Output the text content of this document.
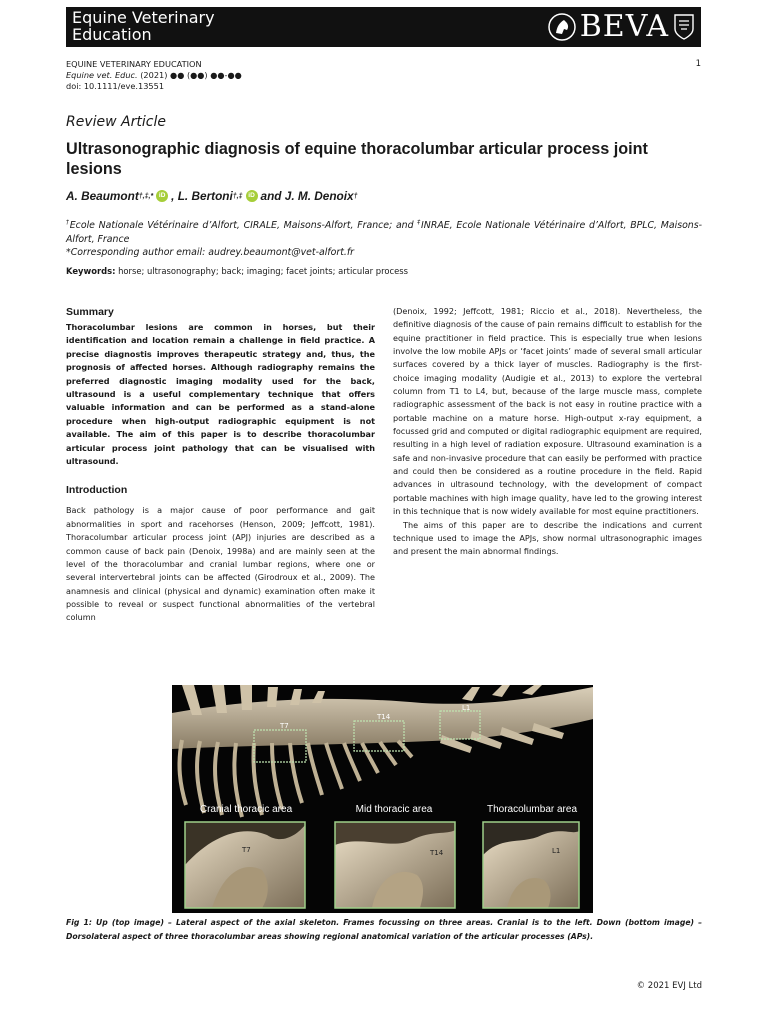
Equine Veterinary
Education	BEVA
EQUINE VETERINARY EDUCATION
Equine vet. Educ. (2021) ●● (●●) ●●-●●
doi: 10.1111/eve.13551
1
Review Article
Ultrasonographic diagnosis of equine thoracolumbar articular process joint lesions
A. Beaumont †,‡,* iD , L. Bertoni †,‡ iD and J. M. Denoix †
†Ecole Nationale Vétérinaire d’Alfort, CIRALE, Maisons-Alfort, France; and ‡INRAE, Ecole Nationale Vétérinaire d’Alfort, BPLC, Maisons-Alfort, France
*Corresponding author email: audrey.beaumont@vet-alfort.fr
Keywords: horse; ultrasonography; back; imaging; facet joints; articular process
Summary

Thoracolumbar lesions are common in horses, but their identification and location remain a challenge in field practice. A precise diagnostis improves therapeutic strategy and, thus, the prognosis of affected horses. Although radiography remains the preferred diagnostic imaging modality used for the back, ultrasound is a useful complementary technique that offers valuable information and can be performed as a stand-alone procedure when high-output radiographic equipment is not available. The aim of this paper is to describe thoracolumbar articular process joint pathology that can be visualised with ultrasound.

Introduction

Back pathology is a major cause of poor performance and gait abnormalities in sport and racehorses (Henson, 2009; Jeffcott, 1981). Thoracolumbar articular process joint (APJ) injuries are described as a common cause of back pain (Denoix, 1998a) and are mainly seen at the level of the thoracolumbar and cranial lumbar regions, where one or several intervertebral joints can be affected (Girodroux et al., 2009). The anamnesis and clinical (physical and dynamic) examination often make it possible to reveal or suspect functional abnormalities of the vertebral column

(Denoix, 1992; Jeffcott, 1981; Riccio et al., 2018). Nevertheless, the definitive diagnosis of the cause of pain remains difficult to establish for the equine practitioner in field practice. This is especially true when lesions involve the low mobile APJs or ‘facet joints’ made of several small articular surfaces covered by a thick layer of muscles. Radiography is the first-choice imaging modality (Audigie et al., 2013) to explore the vertebral column from T1 to L4, but, because of the large muscle mass, complete radiographic assessment of the back is not easy in routine practice with a portable machine on a mature horse. High-output x-ray equipment, a focussed grid and computed or digital radiographic equipment are required, resulting in a high level of radiation exposure. Ultrasound examination is a safe and non-invasive procedure that can easily be performed with practice and could then be considered as a routine procedure in the field. Rapid advances in ultrasound technology, with the development of compact portable machines with high image quality, have led to the growing interest in this technique that is now widely available for most equine practitioners.

The aims of this paper are to describe the indications and current technique used to image the APJs, show normal ultrasonographic images and present the main abnormal findings.

T7
T14
L1
Cranial thoracic area	Mid thoracic area	Thoracolumbar area
T7	T14	L1
Fig 1: Up (top image) – Lateral aspect of the axial skeleton. Frames focussing on three areas. Cranial is to the left. Down (bottom image) – Dorsolateral aspect of three thoracolumbar areas showing regional anatomical variation of the articular processes (APs).
© 2021 EVJ Ltd
